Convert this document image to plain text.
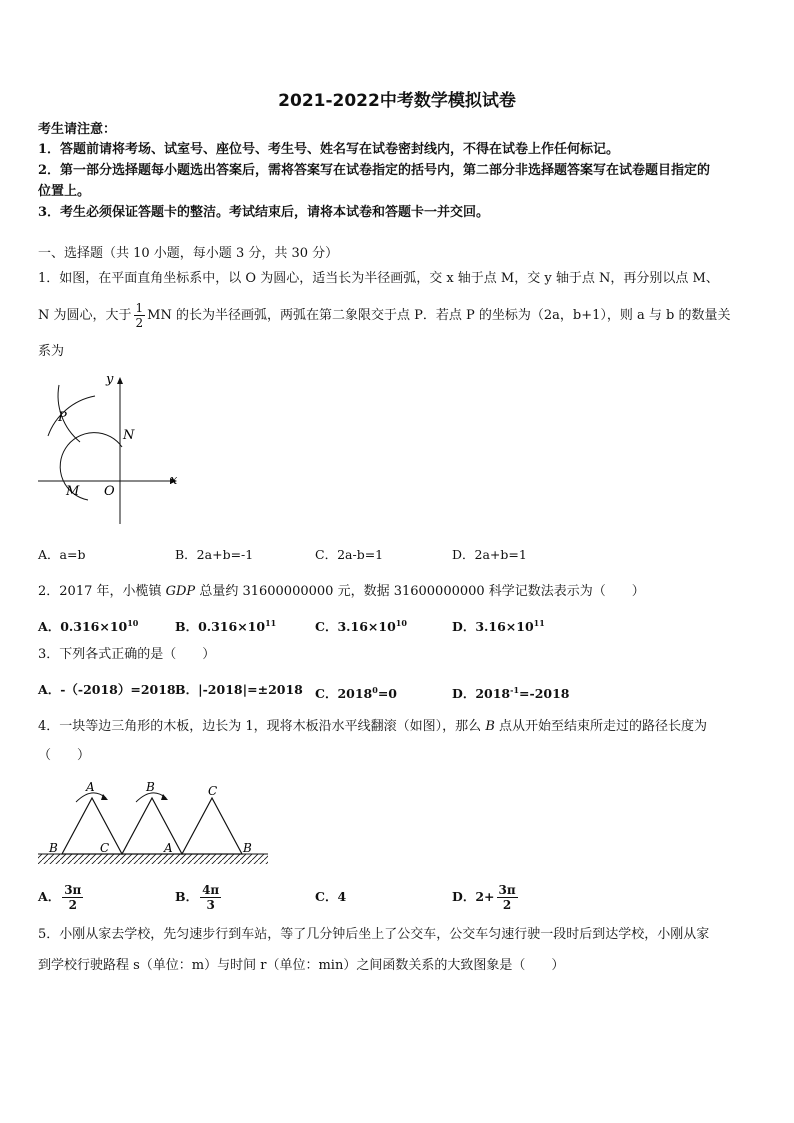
2021-2022中考数学模拟试卷
考生请注意：
1．答题前请将考场、试室号、座位号、考生号、姓名写在试卷密封线内，不得在试卷上作任何标记。
2．第一部分选择题每小题选出答案后，需将答案写在试卷指定的括号内，第二部分非选择题答案写在试卷题目指定的
位置上。
3．考生必须保证答题卡的整洁。考试结束后，请将本试卷和答题卡一并交回。
一、选择题（共 10 小题，每小题 3 分，共 30 分）
1．如图，在平面直角坐标系中，以 O 为圆心，适当长为半径画弧，交 x 轴于点 M，交 y 轴于点 N，再分别以点 M、
N 为圆心，大于 $\frac{1}{2}$ MN 的长为半径画弧，两弧在第二象限交于点 P．若点 P 的坐标为（2a，b+1），则 a 与 b 的数量关
系为
y
x
P
N
M O
A．a=b	B．2a+b=-1	C．2a-b=1	D．2a+b=1
2．2017 年，小榄镇 GDP 总量约 31600000000 元，数据 31600000000 科学记数法表示为（　　）
A．$0.316\times 10^{10}$	B．$0.316\times 10^{11}$	C．$3.16\times 10^{10}$	D．$3.16\times 10^{11}$
3．下列各式正确的是（　　）
A．-（-2018）=2018 B．|-2018|=±2018 C．$2018^0=0$	D．$2018^{-1}=-2018$
4．一块等边三角形的木板，边长为 1，现将木板沿水平线翻滚（如图），那么 B 点从开始至结束所走过的路径长度为
（　　）
A	B	C
B	C	A	B
A． $\frac{3\pi}{2}$	B． $\frac{4\pi}{3}$	C．4	D．$2+ \frac{3\pi}{2}$
5．小刚从家去学校，先匀速步行到车站，等了几分钟后坐上了公交车，公交车匀速行驶一段时后到达学校，小刚从家
到学校行驶路程 s（单位：m）与时间 r（单位：min）之间函数关系的大致图象是（　　）
